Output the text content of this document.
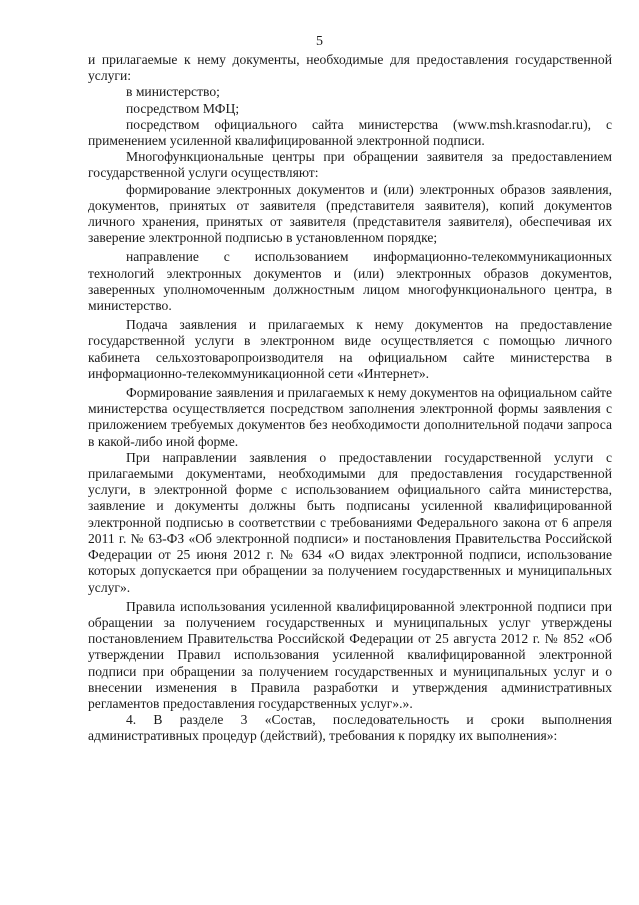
5

и прилагаемые к нему документы, необходимые для предоставления государственной услуги:

в министерство;

посредством МФЦ;

посредством официального сайта министерства (www.msh.krasnodar.ru), с применением усиленной квалифицированной электронной подписи.

Многофункциональные центры при обращении заявителя за предоставлением государственной услуги осуществляют:

формирование электронных документов и (или) электронных образов заявления, документов, принятых от заявителя (представителя заявителя), копий документов личного хранения, принятых от заявителя (представителя заявителя), обеспечивая их заверение электронной подписью в установленном порядке;

направление с использованием информационно-телекоммуникационных технологий электронных документов и (или) электронных образов документов, заверенных уполномоченным должностным лицом многофункционального центра, в министерство.

Подача заявления и прилагаемых к нему документов на предоставление государственной услуги в электронном виде осуществляется с помощью личного кабинета сельхозтоваропроизводителя на официальном сайте министерства в информационно-телекоммуникационной сети «Интернет».

Формирование заявления и прилагаемых к нему документов на официальном сайте министерства осуществляется посредством заполнения электронной формы заявления с приложением требуемых документов без необходимости дополнительной подачи запроса в какой-либо иной форме.

При направлении заявления о предоставлении государственной услуги с прилагаемыми документами, необходимыми для предоставления государственной услуги, в электронной форме с использованием официального сайта министерства, заявление и документы должны быть подписаны усиленной квалифицированной электронной подписью в соответствии с требованиями Федерального закона от 6 апреля 2011 г. № 63-ФЗ «Об электронной подписи» и постановления Правительства Российской Федерации от 25 июня 2012 г. № 634 «О видах электронной подписи, использование которых допускается при обращении за получением государственных и муниципальных услуг».

Правила использования усиленной квалифицированной электронной подписи при обращении за получением государственных и муниципальных услуг утверждены постановлением Правительства Российской Федерации от 25 августа 2012 г. № 852 «Об утверждении Правил использования усиленной квалифицированной электронной подписи при обращении за получением государственных и муниципальных услуг и о внесении изменения в Правила разработки и утверждения административных регламентов предоставления государственных услуг».».

4. В разделе 3 «Состав, последовательность и сроки выполнения административных процедур (действий), требования к порядку их выполнения»:
